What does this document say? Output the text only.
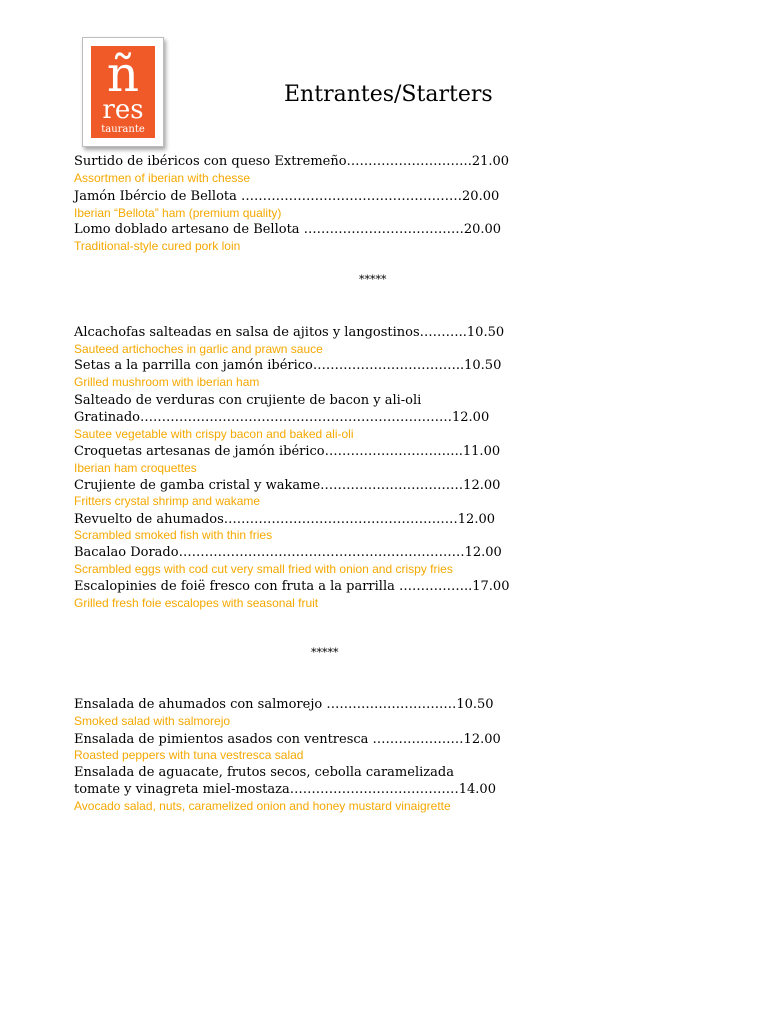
ñ
res
taurante
Entrantes/Starters

Surtido de ibéricos con queso Extremeño………………………..21.00

Assortmen of iberian with chesse

Jamón Ibércio de Bellota ……………………………………………20.00

Iberian “Bellota” ham (premium quality)

Lomo doblado artesano de Bellota ……………………………….20.00

Traditional-style cured pork loin

*****

Alcachofas salteadas en salsa de ajitos y langostinos………..10.50

Sauteed artichoches in garlic and prawn sauce

Setas a la parrilla con jamón ibérico……………………………..10.50

Grilled mushroom with iberian ham

Salteado de verduras con crujiente de bacon y ali-oli

Gratinado………………………………………………………………12.00

Sautee vegetable with crispy bacon and baked ali-oli

Croquetas artesanas de jamón ibérico…………………………..11.00

Iberian ham croquettes

Crujiente de gamba cristal y wakame……………………………12.00

Fritters crystal shrimp and wakame

Revuelto de ahumados………………………………………………12.00

Scrambled smoked fish with thin fries

Bacalao Dorado…………………………………………………………12.00

Scrambled eggs with cod cut very small fried with onion and crispy fries

Escalopinies de foiё fresco con fruta a la parrilla ……………..17.00

Grilled fresh foie escalopes with seasonal fruit

*****

Ensalada de ahumados con salmorejo …………………………10.50

Smoked salad with salmorejo

Ensalada de pimientos asados con ventresca …………………12.00

Roasted peppers with tuna vestresca salad

Ensalada de aguacate, frutos secos, cebolla caramelizada

tomate y vinagreta miel-mostaza…………………………………14.00

Avocado salad, nuts, caramelized onion and honey mustard vinaigrette
